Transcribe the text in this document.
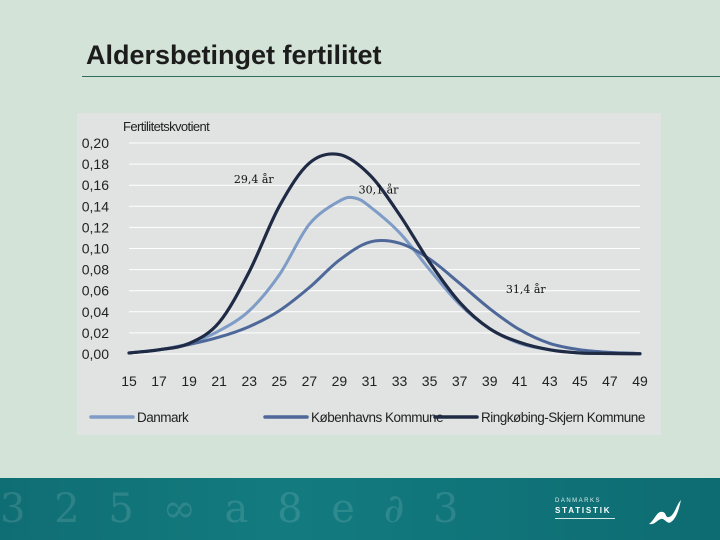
Aldersbetinget fertilitet
Fertilitetskvotient
0,00
0,02
0,04
0,06
0,08
0,10
0,12
0,14
0,16
0,18
0,20
15 17 19 21 23 25 27 29 31 33 35 37 39 41 43 45 47 49
29,4 år
30,1 år
31,4 år
Danmark	Københavns Kommune	Ringkøbing-Skjern Kommune
3 2 5 ∞ a 8 e ∂ 3	DANMARKS
STATISTIK
